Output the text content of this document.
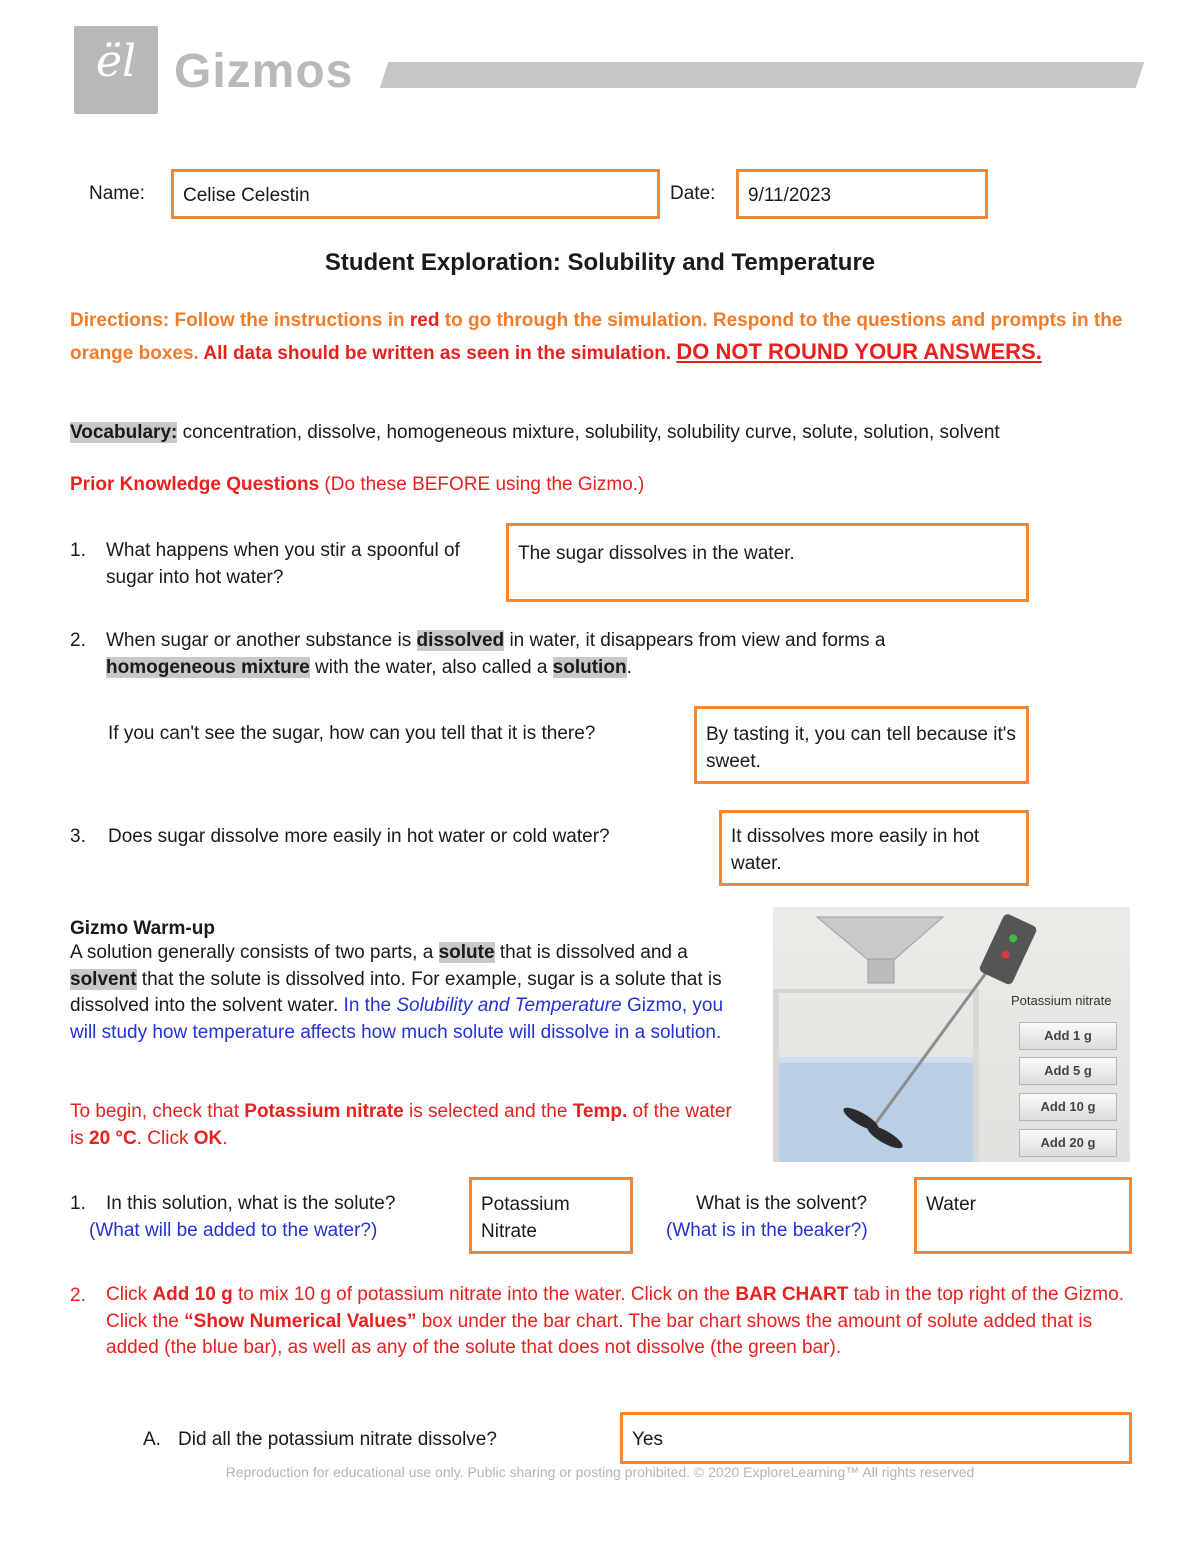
ël Gizmos
Name:	Celise Celestin	Date:	9/11/2023
Student Exploration: Solubility and Temperature
Directions: Follow the instructions in red to go through the simulation. Respond to the questions and prompts in the orange boxes. All data should be written as seen in the simulation. DO NOT ROUND YOUR ANSWERS.
Vocabulary: concentration, dissolve, homogeneous mixture, solubility, solubility curve, solute, solution, solvent
Prior Knowledge Questions (Do these BEFORE using the Gizmo.)
1. What happens when you stir a spoonful of sugar into hot water?
The sugar dissolves in the water.
2. When sugar or another substance is dissolved in water, it disappears from view and forms a homogeneous mixture with the water, also called a solution.
If you can't see the sugar, how can you tell that it is there?	By tasting it, you can tell because it's sweet.
3. Does sugar dissolve more easily in hot water or cold water?	It dissolves more easily in hot water.
Gizmo Warm-up
A solution generally consists of two parts, a solute that is dissolved and a solvent that the solute is dissolved into. For example, sugar is a solute that is dissolved into the solvent water. In the Solubility and Temperature Gizmo, you will study how temperature affects how much solute will dissolve in a solution.
To begin, check that Potassium nitrate is selected and the Temp. of the water is 20 °C. Click OK.
Potassium nitrate
Add 1 g
Add 5 g
Add 10 g
Add 20 g
1. In this solution, what is the solute?
(What will be added to the water?)
Potassium Nitrate
What is the solvent?
(What is in the beaker?)
Water
2. Click Add 10 g to mix 10 g of potassium nitrate into the water. Click on the BAR CHART tab in the top right of the Gizmo. Click the “Show Numerical Values” box under the bar chart. The bar chart shows the amount of solute added that is added (the blue bar), as well as any of the solute that does not dissolve (the green bar).
A. Did all the potassium nitrate dissolve?	Yes
Reproduction for educational use only. Public sharing or posting prohibited. © 2020 ExploreLearning™ All rights reserved
